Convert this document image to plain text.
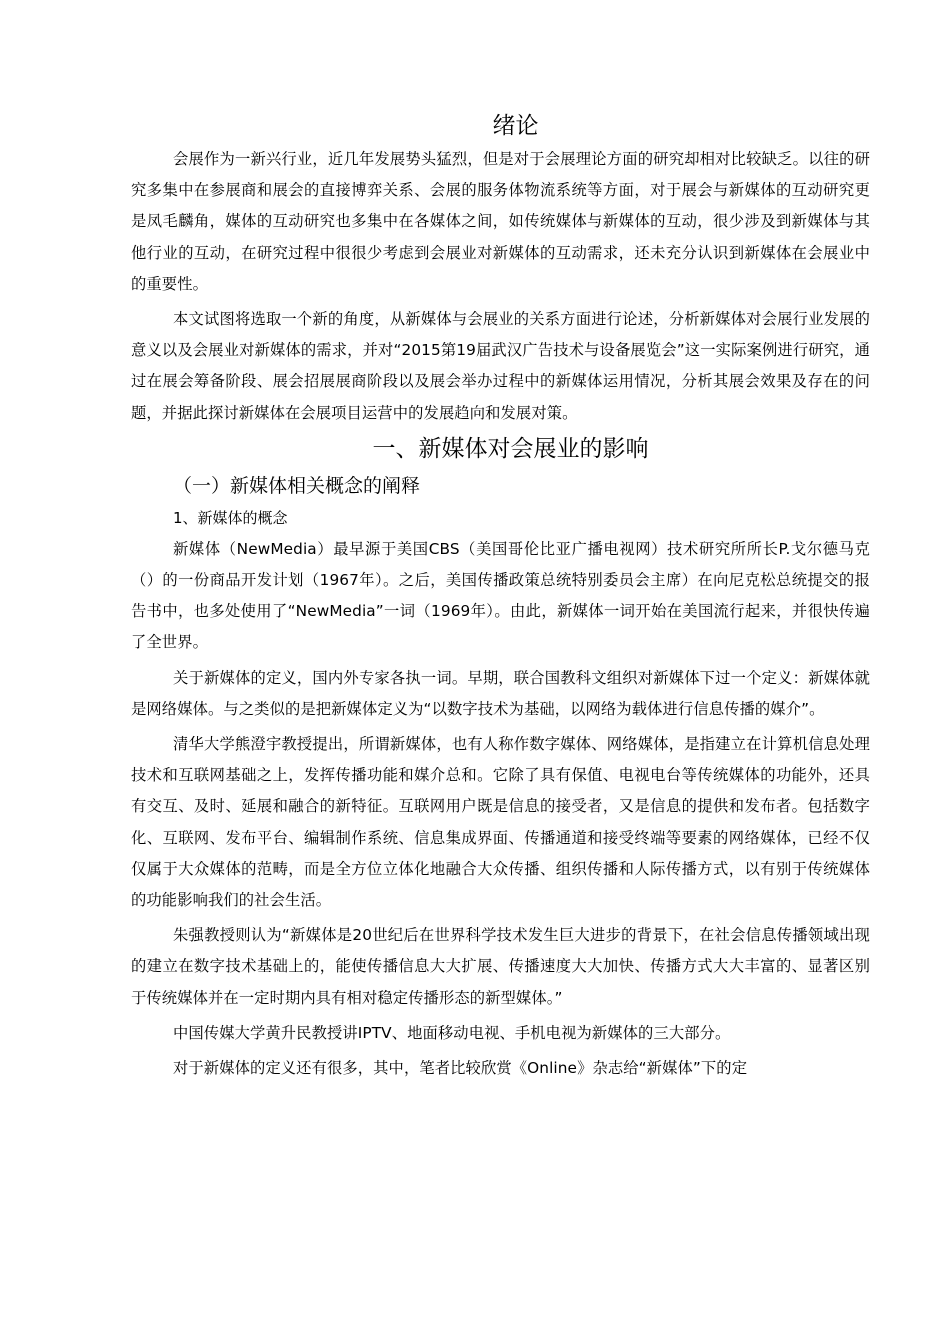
绪论

会展作为一新兴行业，近几年发展势头猛烈，但是对于会展理论方面的研究却相对比较缺乏。以往的研究多集中在参展商和展会的直接博弈关系、会展的服务体物流系统等方面，对于展会与新媒体的互动研究更是凤毛麟角，媒体的互动研究也多集中在各媒体之间，如传统媒体与新媒体的互动，很少涉及到新媒体与其他行业的互动，在研究过程中很很少考虑到会展业对新媒体的互动需求，还未充分认识到新媒体在会展业中的重要性。

本文试图将选取一个新的角度，从新媒体与会展业的关系方面进行论述，分析新媒体对会展行业发展的意义以及会展业对新媒体的需求，并对“2015第19届武汉广告技术与设备展览会”这一实际案例进行研究，通过在展会筹备阶段、展会招展展商阶段以及展会举办过程中的新媒体运用情况，分析其展会效果及存在的问题，并据此探讨新媒体在会展项目运营中的发展趋向和发展对策。

一、新媒体对会展业的影响
（一）新媒体相关概念的阐释
1、新媒体的概念

新媒体（NewMedia）最早源于美国CBS（美国哥伦比亚广播电视网）技术研究所所长P.戈尔德马克（）的一份商品开发计划（1967年）。之后，美国传播政策总统特别委员会主席）在向尼克松总统提交的报告书中，也多处使用了“NewMedia”一词（1969年）。由此，新媒体一词开始在美国流行起来，并很快传遍了全世界。

关于新媒体的定义，国内外专家各执一词。早期，联合国教科文组织对新媒体下过一个定义：新媒体就是网络媒体。与之类似的是把新媒体定义为“以数字技术为基础，以网络为载体进行信息传播的媒介”。

清华大学熊澄宇教授提出，所谓新媒体，也有人称作数字媒体、网络媒体，是指建立在计算机信息处理技术和互联网基础之上，发挥传播功能和媒介总和。它除了具有保值、电视电台等传统媒体的功能外，还具有交互、及时、延展和融合的新特征。互联网用户既是信息的接受者，又是信息的提供和发布者。包括数字化、互联网、发布平台、编辑制作系统、信息集成界面、传播通道和接受终端等要素的网络媒体，已经不仅仅属于大众媒体的范畴，而是全方位立体化地融合大众传播、组织传播和人际传播方式，以有别于传统媒体的功能影响我们的社会生活。

朱强教授则认为“新媒体是20世纪后在世界科学技术发生巨大进步的背景下，在社会信息传播领域出现的建立在数字技术基础上的，能使传播信息大大扩展、传播速度大大加快、传播方式大大丰富的、显著区别于传统媒体并在一定时期内具有相对稳定传播形态的新型媒体。”

中国传媒大学黄升民教授讲IPTV、地面移动电视、手机电视为新媒体的三大部分。

对于新媒体的定义还有很多，其中，笔者比较欣赏《Online》杂志给“新媒体”下的定
